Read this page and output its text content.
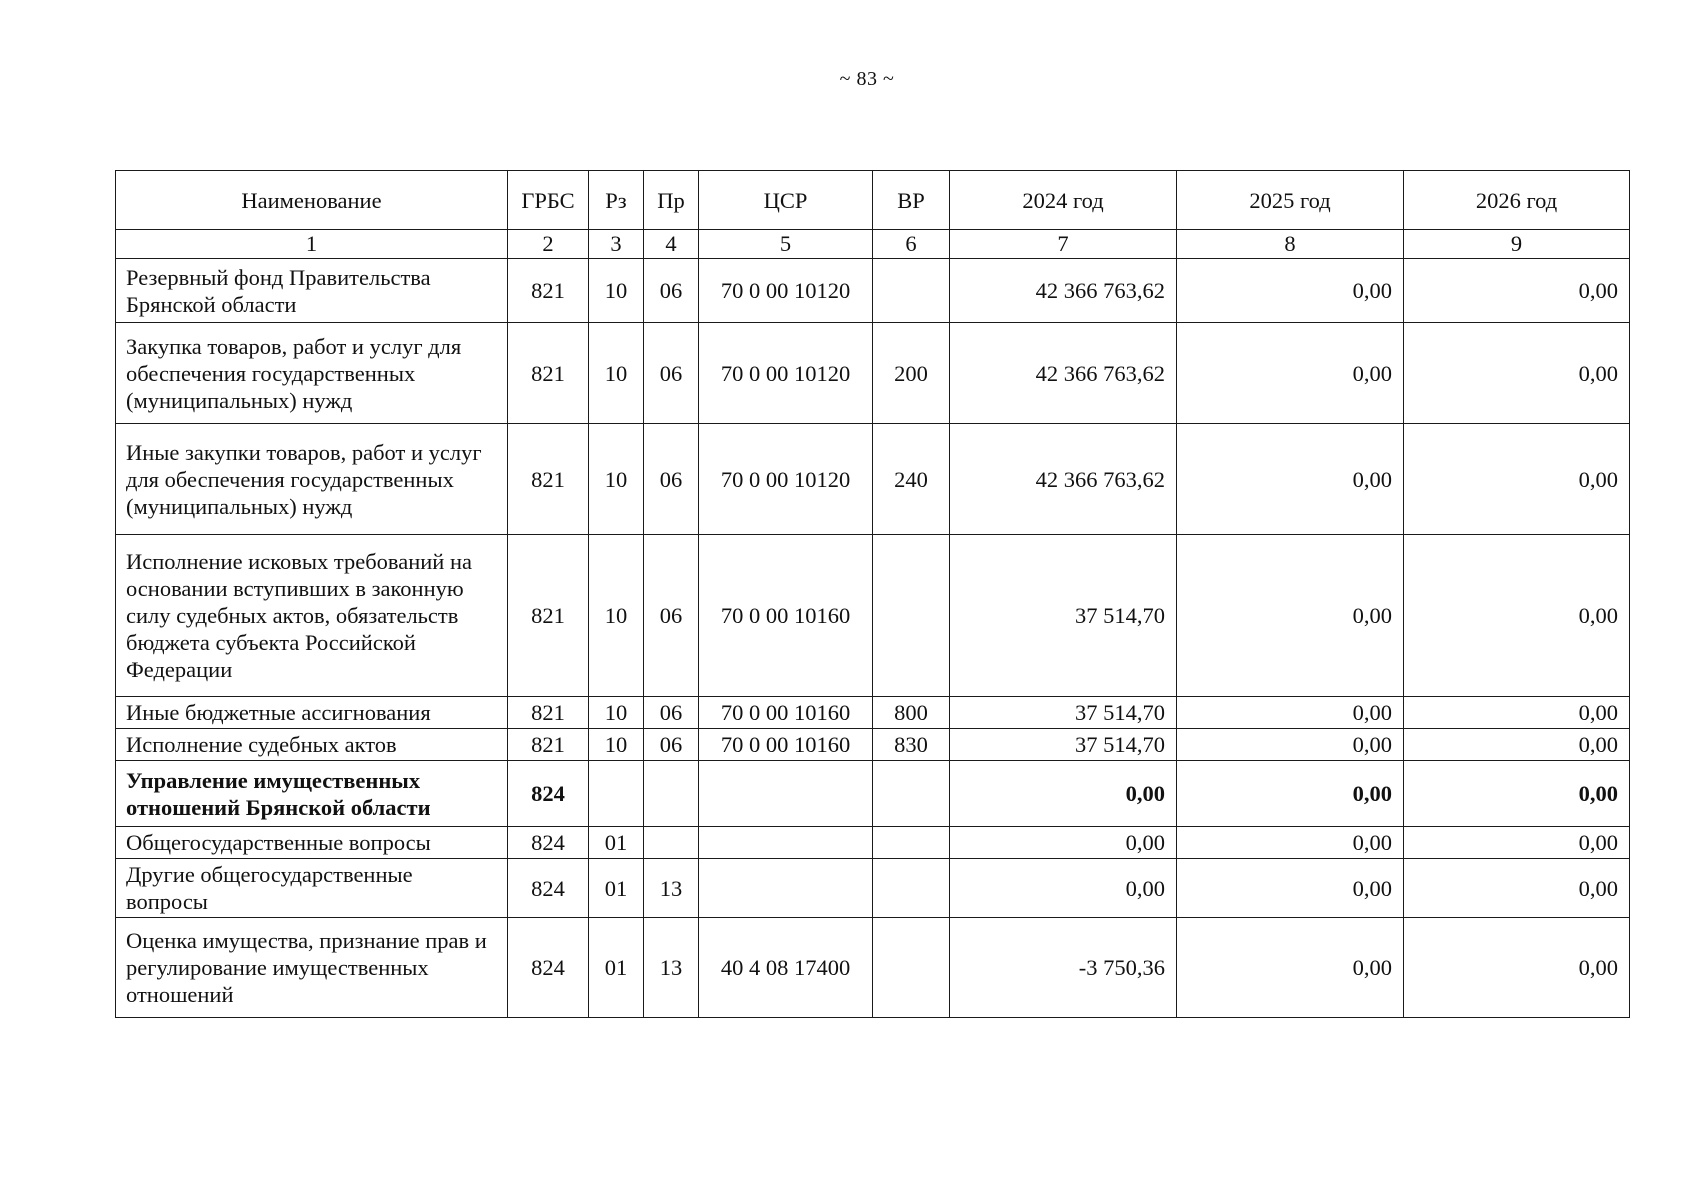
~ 83 ~
Наименование	ГРБС	Рз	Пр	ЦСР	ВР	2024 год	2025 год	2026 год
1	2	3	4	5	6	7	8	9
Резервный фонд Правительства Брянской области	821	10	06	70 0 00 10120		42 366 763,62	0,00	0,00
Закупка товаров, работ и услуг для обеспечения государственных (муниципальных) нужд	821	10	06	70 0 00 10120	200	42 366 763,62	0,00	0,00
Иные закупки товаров, работ и услуг для обеспечения государственных (муниципальных) нужд	821	10	06	70 0 00 10120	240	42 366 763,62	0,00	0,00
Исполнение исковых требований на основании вступивших в законную силу судебных актов, обязательств бюджета субъекта Российской Федерации	821	10	06	70 0 00 10160		37 514,70	0,00	0,00
Иные бюджетные ассигнования	821	10	06	70 0 00 10160	800	37 514,70	0,00	0,00
Исполнение судебных актов	821	10	06	70 0 00 10160	830	37 514,70	0,00	0,00
Управление имущественных отношений Брянской области	824					0,00	0,00	0,00
Общегосударственные вопросы	824	01				0,00	0,00	0,00
Другие общегосударственные вопросы	824	01	13			0,00	0,00	0,00
Оценка имущества, признание прав и регулирование имущественных отношений	824	01	13	40 4 08 17400		-3 750,36	0,00	0,00
